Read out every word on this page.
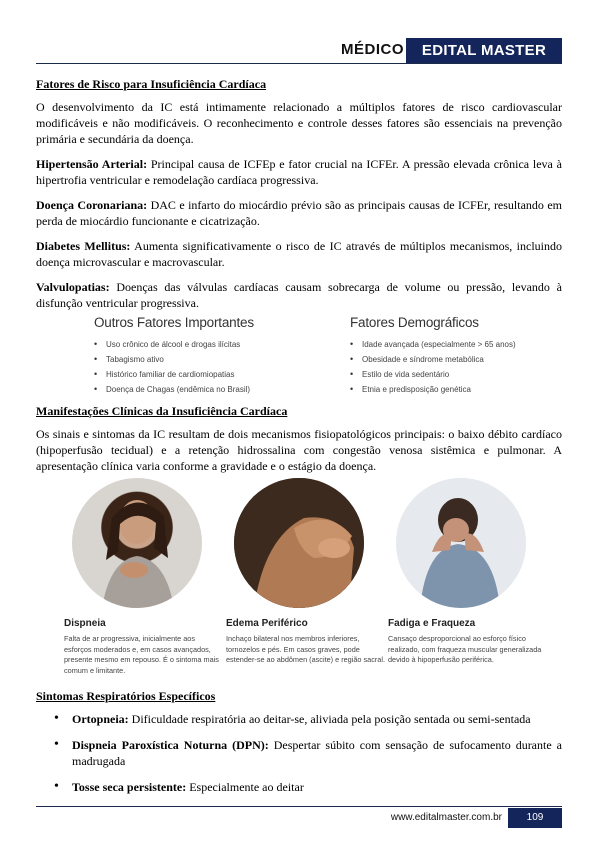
MÉDICO	EDITAL MASTER
Fatores de Risco para Insuficiência Cardíaca

O desenvolvimento da IC está intimamente relacionado a múltiplos fatores de risco cardiovascular modificáveis e não modificáveis. O reconhecimento e controle desses fatores são essenciais na prevenção primária e secundária da doença.

Hipertensão Arterial: Principal causa de ICFEp e fator crucial na ICFEr. A pressão elevada crônica leva à hipertrofia ventricular e remodelação cardíaca progressiva.

Doença Coronariana: DAC e infarto do miocárdio prévio são as principais causas de ICFEr, resultando em perda de miocárdio funcionante e cicatrização.

Diabetes Mellitus: Aumenta significativamente o risco de IC através de múltiplos mecanismos, incluindo doença microvascular e macrovascular.

Valvulopatias: Doenças das válvulas cardíacas causam sobrecarga de volume ou pressão, levando à disfunção ventricular progressiva.

Outros Fatores Importantes
• Uso crônico de álcool e drogas ilícitas
• Tabagismo ativo
• Histórico familiar de cardiomiopatias
• Doença de Chagas (endêmica no Brasil)
Fatores Demográficos
• Idade avançada (especialmente > 65 anos)
• Obesidade e síndrome metabólica
• Estilo de vida sedentário
• Etnia e predisposição genética
Manifestações Clínicas da Insuficiência Cardíaca

Os sinais e sintomas da IC resultam de dois mecanismos fisiopatológicos principais: o baixo débito cardíaco (hipoperfusão tecidual) e a retenção hidrossalina com congestão venosa sistêmica e pulmonar. A apresentação clínica varia conforme a gravidade e o estágio da doença.

Dispneia
Falta de ar progressiva, inicialmente aos esforços moderados e, em casos avançados, presente mesmo em repouso. É o sintoma mais comum e limitante.
Edema Periférico
Inchaço bilateral nos membros inferiores, tornozelos e pés. Em casos graves, pode estender-se ao abdômen (ascite) e região sacral.
Fadiga e Fraqueza
Cansaço desproporcional ao esforço físico realizado, com fraqueza muscular generalizada devido à hipoperfusão periférica.
Sintomas Respiratórios Específicos
• Ortopneia: Dificuldade respiratória ao deitar-se, aliviada pela posição sentada ou semi-sentada
• Dispneia Paroxística Noturna (DPN): Despertar súbito com sensação de sufocamento durante a madrugada
• Tosse seca persistente: Especialmente ao deitar
www.editalmaster.com.br	109
